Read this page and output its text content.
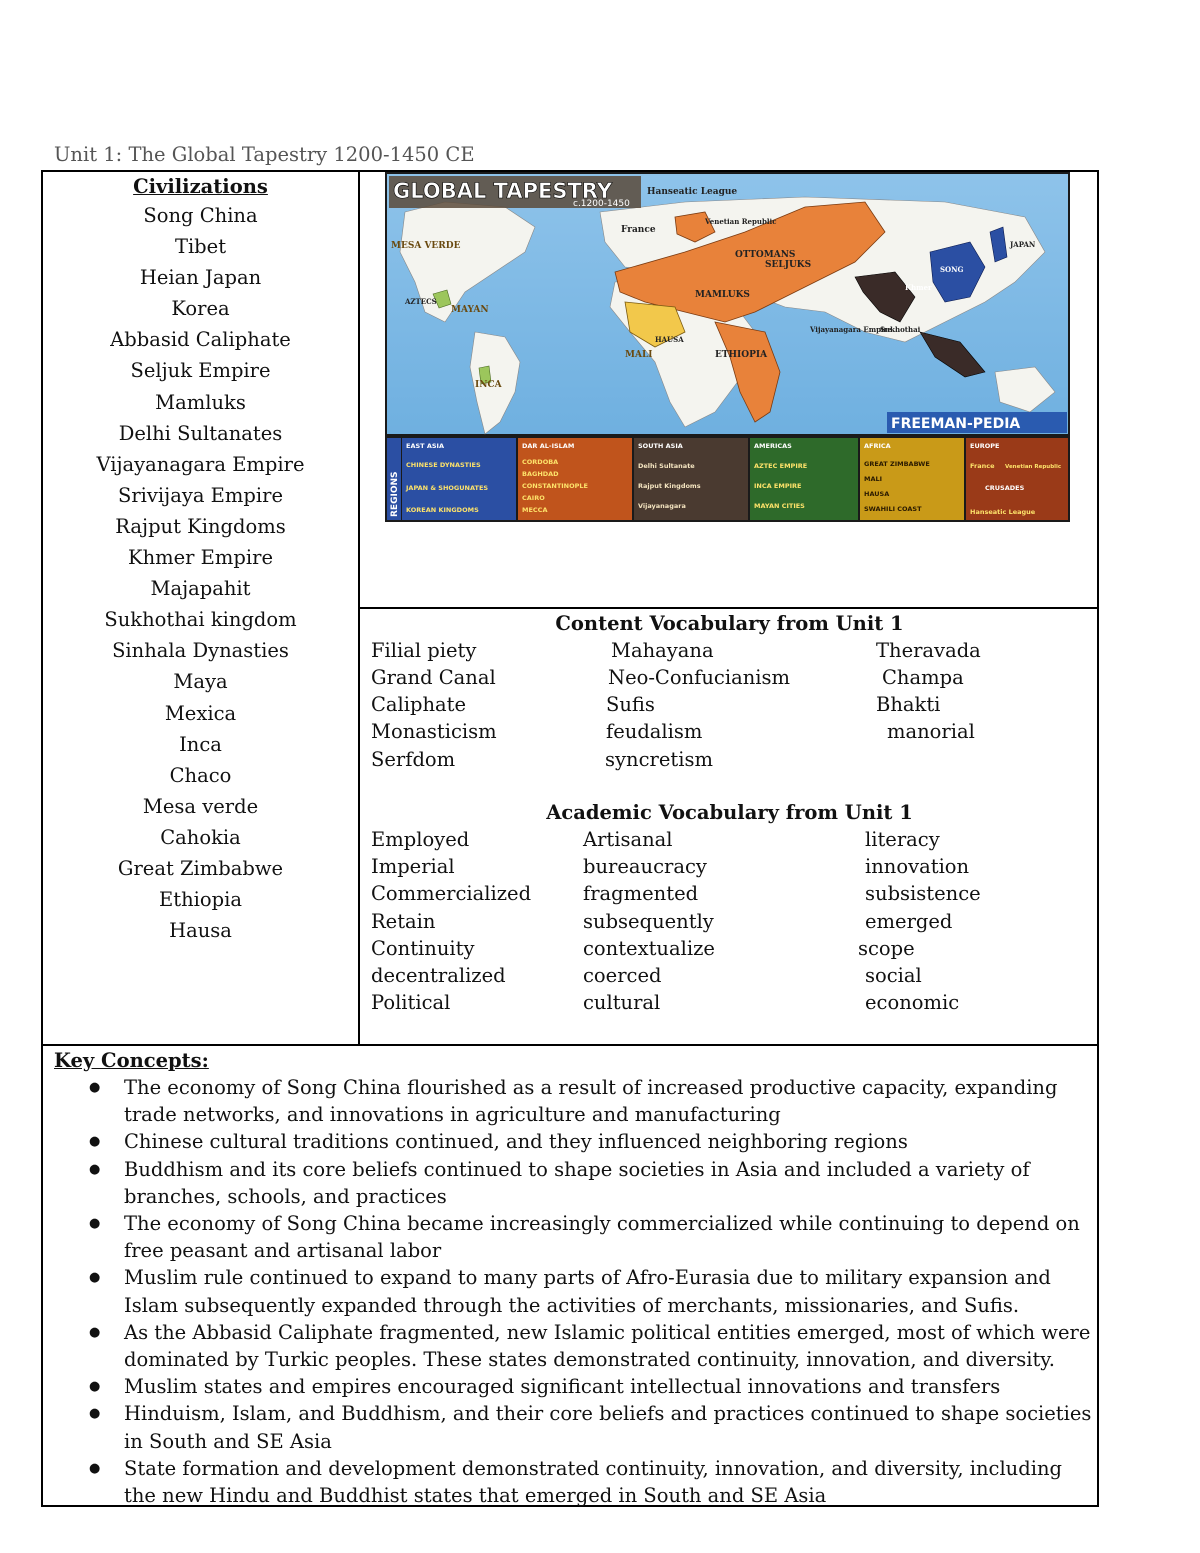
Unit 1: The Global Tapestry 1200-1450 CE
Civilizations
Song China
Tibet
Heian Japan
Korea
Abbasid Caliphate
Seljuk Empire
Mamluks
Delhi Sultanates
Vijayanagara Empire
Srivijaya Empire
Rajput Kingdoms
Khmer Empire
Majapahit
Sukhothai kingdom
Sinhala Dynasties
Maya
Mexica
Inca
Chaco
Mesa verde
Cahokia
Great Zimbabwe
Ethiopia
Hausa
GLOBAL TAPESTRY
c.1200-1450
Hanseatic League
Venetian Republic
France
MESA VERDE
AZTECS
MAYAN
INCA
MAMLUKS
SELJUKS
OTTOMANS
MALI	ETHIOPIA
HAUSA
Vijayanagara Empire
Sukhothai
Khmer
SONG
JAPAN
FREEMAN-PEDIA
REGIONS
EAST ASIA
CHINESE DYNASTIES
JAPAN & SHOGUNATES
KOREAN KINGDOMS
DAR AL-ISLAM
CORDOBA
BAGHDAD
CONSTANTINOPLE
CAIRO
MECCA
SOUTH ASIA
Delhi Sultanate
Rajput Kingdoms
Vijayanagara
AMERICAS
AZTEC EMPIRE
INCA EMPIRE
MAYAN CITIES
AFRICA
GREAT ZIMBABWE
MALI
HAUSA
SWAHILI COAST
EUROPE
France Venetian Republic
CRUSADES
Hanseatic League
Content Vocabulary from Unit 1
Filial piety
Grand Canal
Caliphate
Monasticism
Serfdom
Mahayana
Neo-Confucianism
Sufis
feudalism
syncretism
Theravada
Champa
Bhakti
manorial
Academic Vocabulary from Unit 1
Employed
Imperial
Commercialized
Retain
Continuity
decentralized
Political
Artisanal
bureaucracy
fragmented
subsequently
contextualize
coerced
cultural
literacy
innovation
subsistence
emerged
scope
social
economic
Key Concepts:
● The economy of Song China flourished as a result of increased productive capacity, expanding trade networks, and innovations in agriculture and manufacturing
● Chinese cultural traditions continued, and they influenced neighboring regions
● Buddhism and its core beliefs continued to shape societies in Asia and included a variety of branches, schools, and practices
● The economy of Song China became increasingly commercialized while continuing to depend on free peasant and artisanal labor
● Muslim rule continued to expand to many parts of Afro-Eurasia due to military expansion and Islam subsequently expanded through the activities of merchants, missionaries, and Sufis.
● As the Abbasid Caliphate fragmented, new Islamic political entities emerged, most of which were dominated by Turkic peoples. These states demonstrated continuity, innovation, and diversity.
● Muslim states and empires encouraged significant intellectual innovations and transfers
● Hinduism, Islam, and Buddhism, and their core beliefs and practices continued to shape societies in South and SE Asia
● State formation and development demonstrated continuity, innovation, and diversity, including the new Hindu and Buddhist states that emerged in South and SE Asia
